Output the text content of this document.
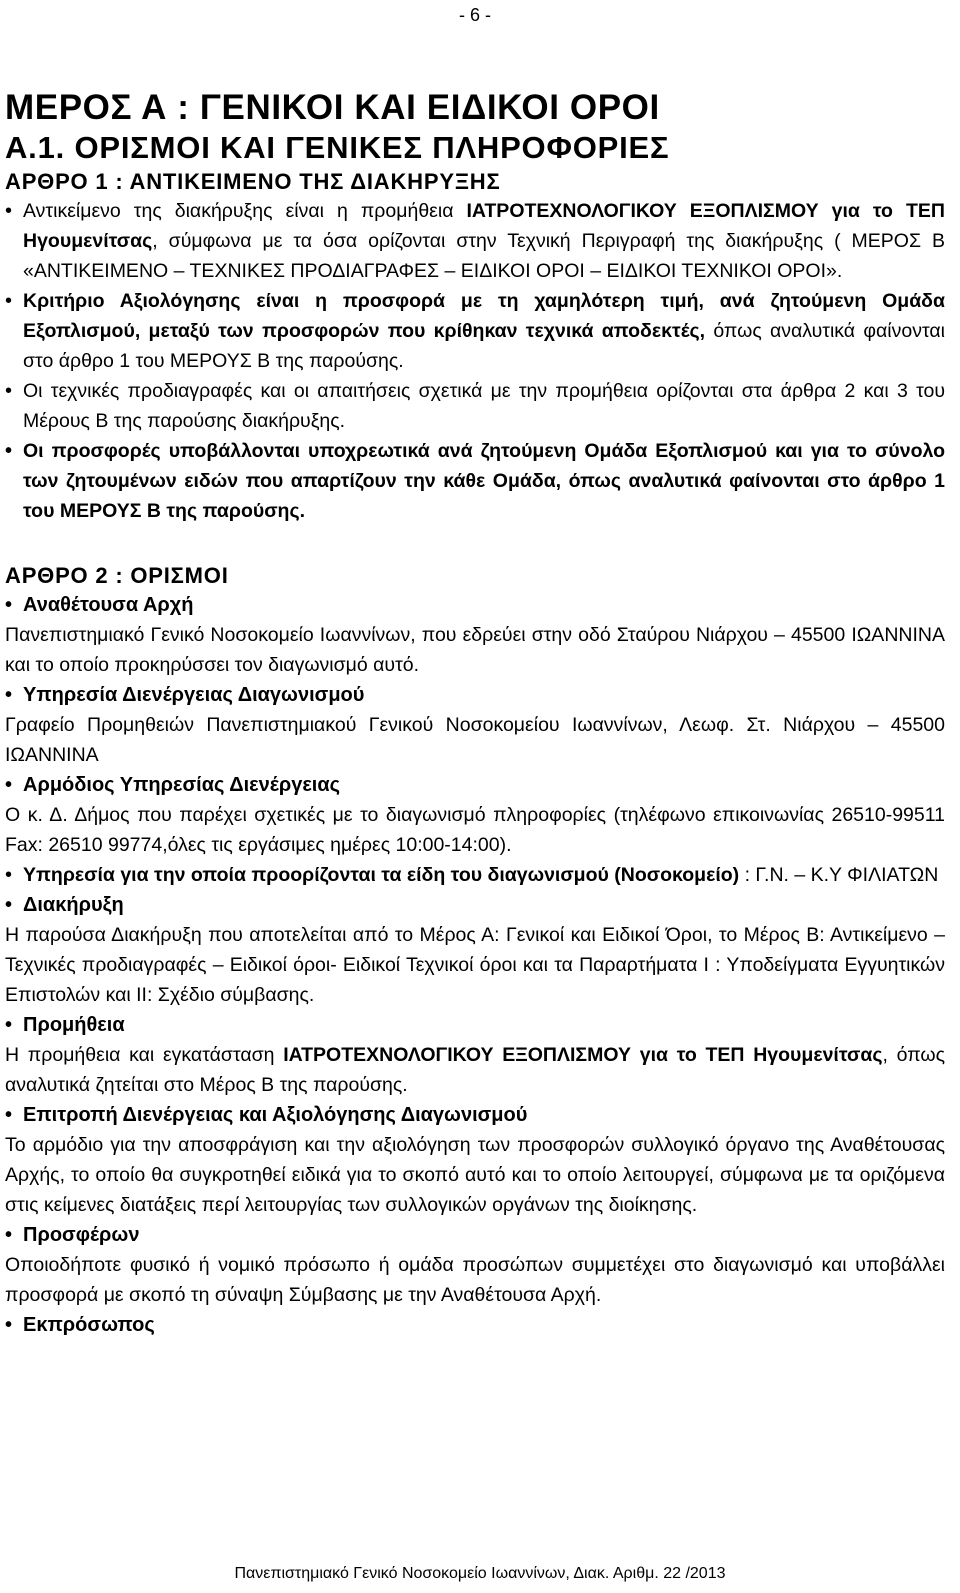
- 6 -
ΜΕΡΟΣ Α : ΓΕΝΙΚΟΙ ΚΑΙ ΕΙΔΙΚΟΙ ΟΡΟΙ
Α.1. ΟΡΙΣΜΟΙ ΚΑΙ ΓΕΝΙΚΕΣ ΠΛΗΡΟΦΟΡΙΕΣ
ΑΡΘΡΟ 1 : ΑΝΤΙΚΕΙΜΕΝΟ ΤΗΣ ΔΙΑΚΗΡΥΞΗΣ
• Αντικείμενο της διακήρυξης είναι η προμήθεια ΙΑΤΡΟΤΕΧΝΟΛΟΓΙΚΟΥ ΕΞΟΠΛΙΣΜΟΥ για το ΤΕΠ Ηγουμενίτσας, σύμφωνα με τα όσα ορίζονται στην Τεχνική Περιγραφή της διακήρυξης ( ΜΕΡΟΣ Β «ΑΝΤΙΚΕΙΜΕΝΟ – ΤΕΧΝΙΚΕΣ ΠΡΟΔΙΑΓΡΑΦΕΣ – ΕΙΔΙΚΟΙ ΟΡΟΙ – ΕΙΔΙΚΟΙ ΤΕΧΝΙΚΟΙ ΟΡΟΙ».
• Κριτήριο Αξιολόγησης είναι η προσφορά με τη χαμηλότερη τιμή, ανά ζητούμενη Ομάδα Εξοπλισμού, μεταξύ των προσφορών που κρίθηκαν τεχνικά αποδεκτές, όπως αναλυτικά φαίνονται στο άρθρο 1 του ΜΕΡΟΥΣ Β της παρούσης.
• Οι τεχνικές προδιαγραφές και οι απαιτήσεις σχετικά με την προμήθεια ορίζονται στα άρθρα 2 και 3 του Μέρους Β της παρούσης διακήρυξης.
• Οι προσφορές υποβάλλονται υποχρεωτικά ανά ζητούμενη Ομάδα Εξοπλισμού και για το σύνολο των ζητουμένων ειδών που απαρτίζουν την κάθε Ομάδα, όπως αναλυτικά φαίνονται στο άρθρο 1 του ΜΕΡΟΥΣ Β της παρούσης.
ΑΡΘΡΟ 2 : ΟΡΙΣΜΟΙ
• Αναθέτουσα Αρχή
Πανεπιστημιακό Γενικό Νοσοκομείο Ιωαννίνων, που εδρεύει στην οδό Σταύρου Νιάρχου – 45500 ΙΩΑΝΝΙΝΑ και το οποίο προκηρύσσει τον διαγωνισμό αυτό.
• Υπηρεσία Διενέργειας Διαγωνισμού
Γραφείο Προμηθειών Πανεπιστημιακού Γενικού Νοσοκομείου Ιωαννίνων, Λεωφ. Στ. Νιάρχου – 45500 ΙΩΑΝΝΙΝΑ
• Αρμόδιος Υπηρεσίας Διενέργειας
Ο κ. Δ. Δήμος που παρέχει σχετικές με το διαγωνισμό πληροφορίες (τηλέφωνο επικοινωνίας 26510-99511 Fax: 26510 99774,όλες τις εργάσιμες ημέρες 10:00-14:00).
• Υπηρεσία για την οποία προορίζονται τα είδη του διαγωνισμού (Νοσοκομείο) : Γ.Ν. – Κ.Υ ΦΙΛΙΑΤΩΝ
• Διακήρυξη
Η παρούσα Διακήρυξη που αποτελείται από το Μέρος Α: Γενικοί και Ειδικοί Όροι, το Μέρος Β: Αντικείμενο – Τεχνικές προδιαγραφές – Ειδικοί όροι- Ειδικοί Τεχνικοί όροι και τα Παραρτήματα Ι : Υποδείγματα Εγγυητικών Επιστολών και ΙΙ: Σχέδιο σύμβασης.
• Προμήθεια
Η προμήθεια και εγκατάσταση ΙΑΤΡΟΤΕΧΝΟΛΟΓΙΚΟΥ ΕΞΟΠΛΙΣΜΟΥ για το ΤΕΠ Ηγουμενίτσας, όπως αναλυτικά ζητείται στο Μέρος Β της παρούσης.
• Επιτροπή Διενέργειας και Αξιολόγησης Διαγωνισμού
Το αρμόδιο για την αποσφράγιση και την αξιολόγηση των προσφορών συλλογικό όργανο της Αναθέτουσας Αρχής, το οποίο θα συγκροτηθεί ειδικά για το σκοπό αυτό και το οποίο λειτουργεί, σύμφωνα με τα οριζόμενα στις κείμενες διατάξεις περί λειτουργίας των συλλογικών οργάνων της διοίκησης.
• Προσφέρων
Οποιοδήποτε φυσικό ή νομικό πρόσωπο ή ομάδα προσώπων συμμετέχει στο διαγωνισμό και υποβάλλει προσφορά με σκοπό τη σύναψη Σύμβασης με την Αναθέτουσα Αρχή.
• Εκπρόσωπος
Πανεπιστημιακό Γενικό Νοσοκομείο Ιωαννίνων, Διακ. Αριθμ. 22 /2013
